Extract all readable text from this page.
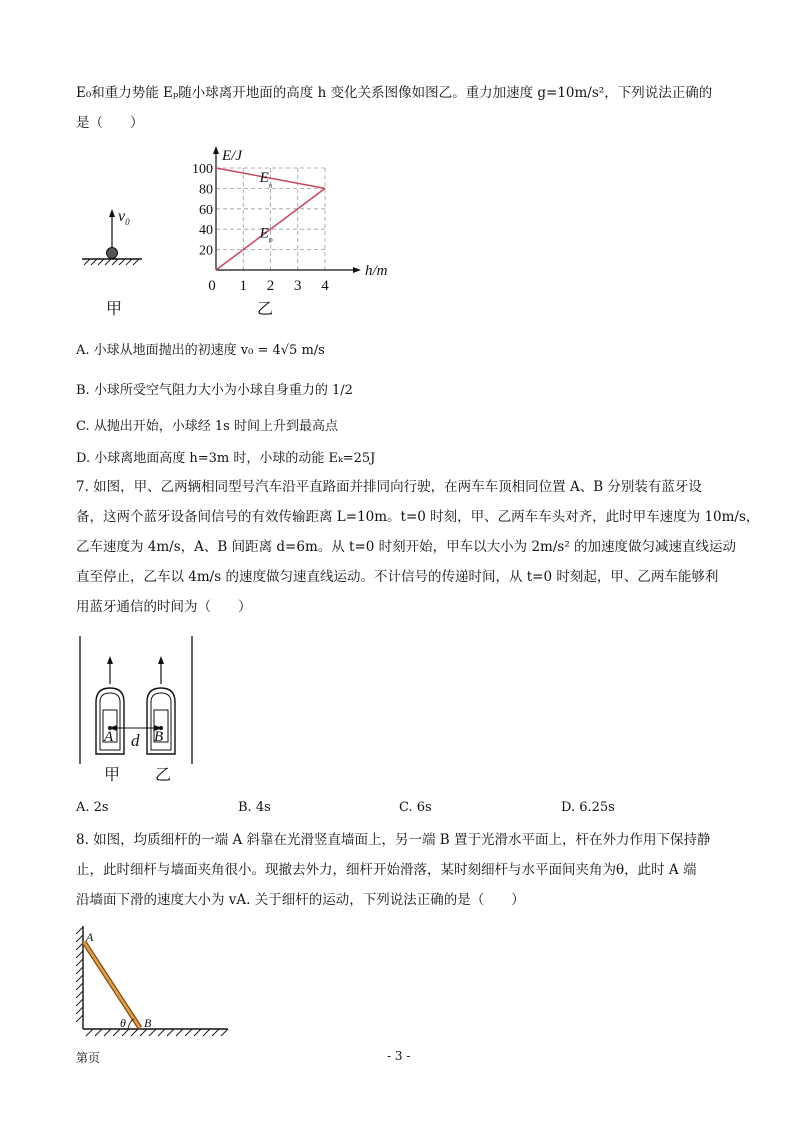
E₀和重力势能 Eₚ随小球离开地面的高度 h 变化关系图像如图乙。重力加速度 g=10m/s²，下列说法正确的
是（　　）
$v_0$
甲
0 1 2 3 4
20
40
60
80
100
h/m
E/J
$E_{_0}$
$E_{_p}$
乙
A. 小球从地面抛出的初速度 v₀ = 4√5 m/s
B. 小球所受空气阻力大小为小球自身重力的 1/2
C. 从抛出开始，小球经 1s 时间上升到最高点
D. 小球离地面高度 h=3m 时，小球的动能 Eₖ=25J
7. 如图，甲、乙两辆相同型号汽车沿平直路面并排同向行驶，在两车车顶相同位置 A、B 分别装有蓝牙设
备，这两个蓝牙设备间信号的有效传输距离 L=10m。t=0 时刻，甲、乙两车车头对齐，此时甲车速度为 10m/s，
乙车速度为 4m/s，A、B 间距离 d=6m。从 t=0 时刻开始，甲车以大小为 2m/s² 的加速度做匀减速直线运动
直至停止，乙车以 4m/s 的速度做匀速直线运动。不计信号的传递时间，从 t=0 时刻起，甲、乙两车能够利
用蓝牙通信的时间为（　　）
A d B
甲 乙
A. 2s	B. 4s	C. 6s	D. 6.25s
8. 如图，均质细杆的一端 A 斜靠在光滑竖直墙面上，另一端 B 置于光滑水平面上，杆在外力作用下保持静
止，此时细杆与墙面夹角很小。现撤去外力，细杆开始滑落，某时刻细杆与水平面间夹角为θ，此时 A 端
沿墙面下滑的速度大小为 vA. 关于细杆的运动，下列说法正确的是（　　）
A
θ B
第页	- 3 -
